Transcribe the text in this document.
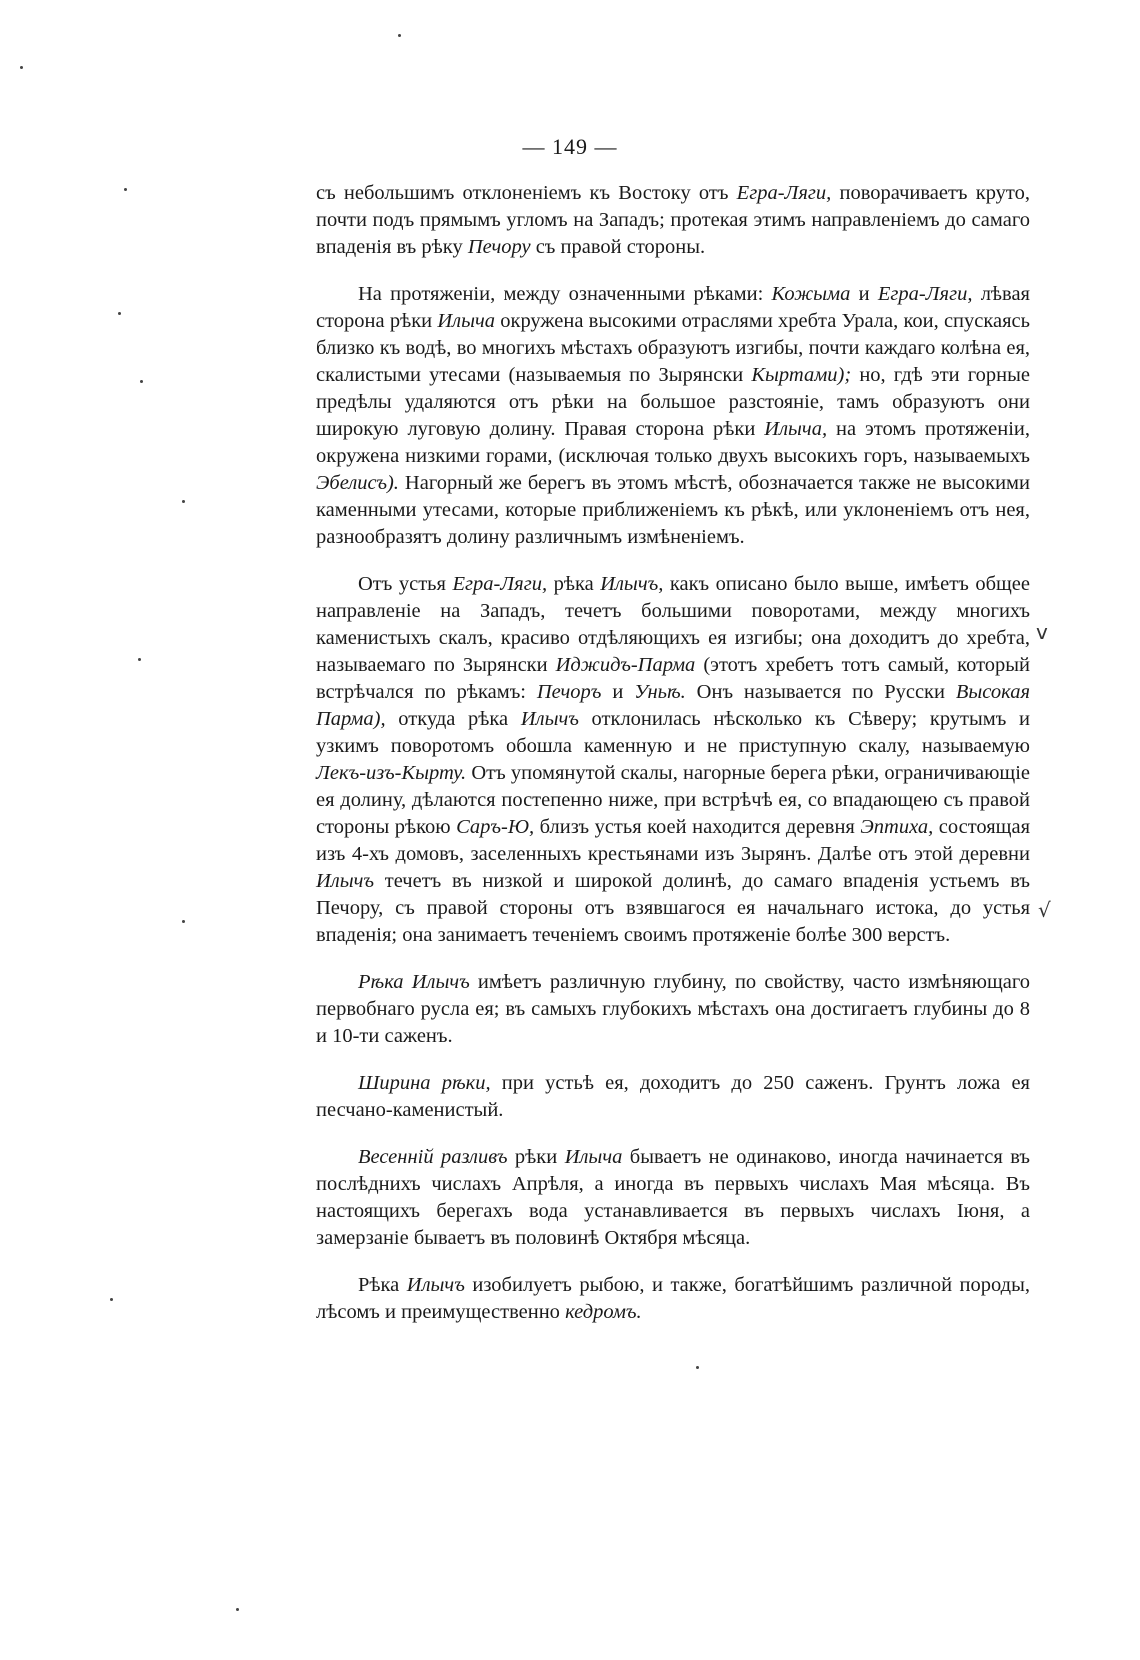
— 149 —

съ небольшимъ отклоненіемъ къ Востоку отъ Егра-Ляги, поворачиваетъ круто, почти подъ прямымъ угломъ на Западъ; протекая этимъ направленіемъ до самаго впаденія въ рѣку Печору съ правой стороны.

На протяженіи, между означенными рѣками: Кожыма и Егра-Ляги, лѣвая сторона рѣки Илыча окружена высокими отраслями хребта Урала, кои, спускаясь близко къ водѣ, во многихъ мѣстахъ образуютъ изгибы, почти каждаго колѣна ея, скалистыми утесами (называемыя по Зырянски Кыртами); но, гдѣ эти горные предѣлы удаляются отъ рѣки на большое разстояніе, тамъ образуютъ они широкую луговую долину. Правая сторона рѣки Илыча, на этомъ протяженіи, окружена низкими горами, (исключая только двухъ высокихъ горъ, называемыхъ Эбелисъ). Нагорный же берегъ въ этомъ мѣстѣ, обозначается также не высокими каменными утесами, которые приближеніемъ къ рѣкѣ, или уклоненіемъ отъ нея, разнообразятъ долину различнымъ измѣненіемъ.

Отъ устья Егра-Ляги, рѣка Илычъ, какъ описано было выше, имѣетъ общее направленіе на Западъ, течетъ большими поворотами, между многихъ каменистыхъ скалъ, красиво отдѣляющихъ ея изгибы; она доходитъ до хребта, называемаго по Зырянски Иджидъ-Парма (этотъ хребетъ тотъ самый, который встрѣчался по рѣкамъ: Печоръ и Уньѣ. Онъ называется по Русски Высокая Парма), откуда рѣка Илычъ отклонилась нѣсколько къ Сѣверу; крутымъ и узкимъ поворотомъ обошла каменную и не приступную скалу, называемую Лекъ-изъ-Кырту. Отъ упомянутой скалы, нагорные берега рѣки, ограничивающіе ея долину, дѣлаются постепенно ниже, при встрѣчѣ ея, со впадающею съ правой стороны рѣкою Саръ-Ю, близъ устья коей находится деревня Эптиха, состоящая изъ 4-хъ домовъ, заселенныхъ крестьянами изъ Зырянъ. Далѣе отъ этой деревни Илычъ течетъ въ низкой и широкой долинѣ, до самаго впаденія устьемъ въ Печору, съ правой стороны отъ взявшагося ея начальнаго истока, до устья впаденія; она занимаетъ теченіемъ своимъ протяженіе болѣе 300 верстъ.

Рѣка Илычъ имѣетъ различную глубину, по свойству, часто измѣняющаго первобнаго русла ея; въ самыхъ глубокихъ мѣстахъ она достигаетъ глубины до 8 и 10-ти саженъ.

Ширина рѣки, при устьѣ ея, доходитъ до 250 саженъ. Грунтъ ложа ея песчано-каменистый.

Весенній разливъ рѣки Илыча бываетъ не одинаково, иногда начинается въ послѣднихъ числахъ Апрѣля, а иногда въ первыхъ числахъ Мая мѣсяца. Въ настоящихъ берегахъ вода устанавливается въ первыхъ числахъ Іюня, а замерзаніе бываетъ въ половинѣ Октября мѣсяца.

Рѣка Илычъ изобилуетъ рыбою, и также, богатѣйшимъ различной породы, лѣсомъ и преимущественно кедромъ.

v
√
